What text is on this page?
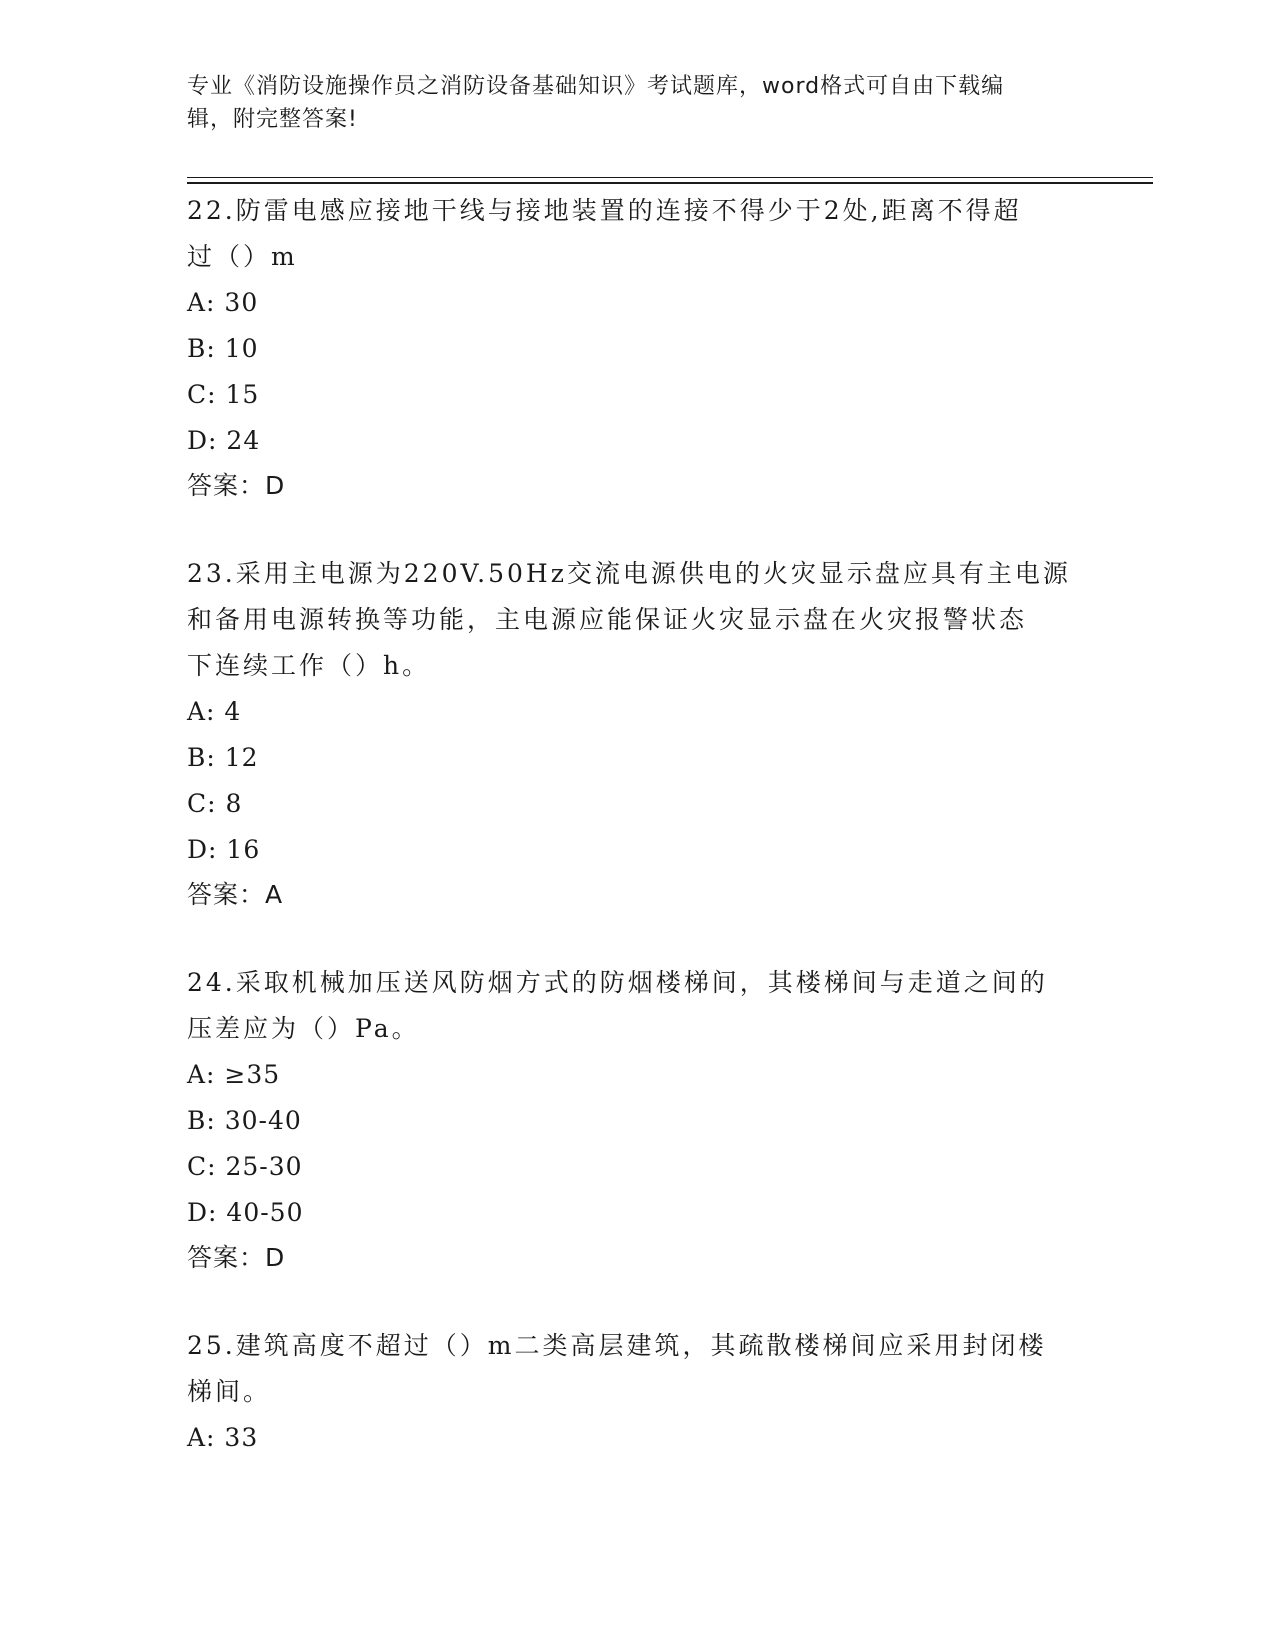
专业《消防设施操作员之消防设备基础知识》考试题库，word格式可自由下载编
辑，附完整答案!
22.防雷电感应接地干线与接地装置的连接不得少于2处,距离不得超
过（）m
A: 30
B: 10
C: 15
D: 24
答案：D
23.采用主电源为220V.50Hz交流电源供电的火灾显示盘应具有主电源
和备用电源转换等功能，主电源应能保证火灾显示盘在火灾报警状态
下连续工作（）h。
A: 4
B: 12
C: 8
D: 16
答案：A
24.采取机械加压送风防烟方式的防烟楼梯间，其楼梯间与走道之间的
压差应为（）Pa。
A: ≥35
B: 30-40
C: 25-30
D: 40-50
答案：D
25.建筑高度不超过（）m二类高层建筑，其疏散楼梯间应采用封闭楼
梯间。
A: 33
